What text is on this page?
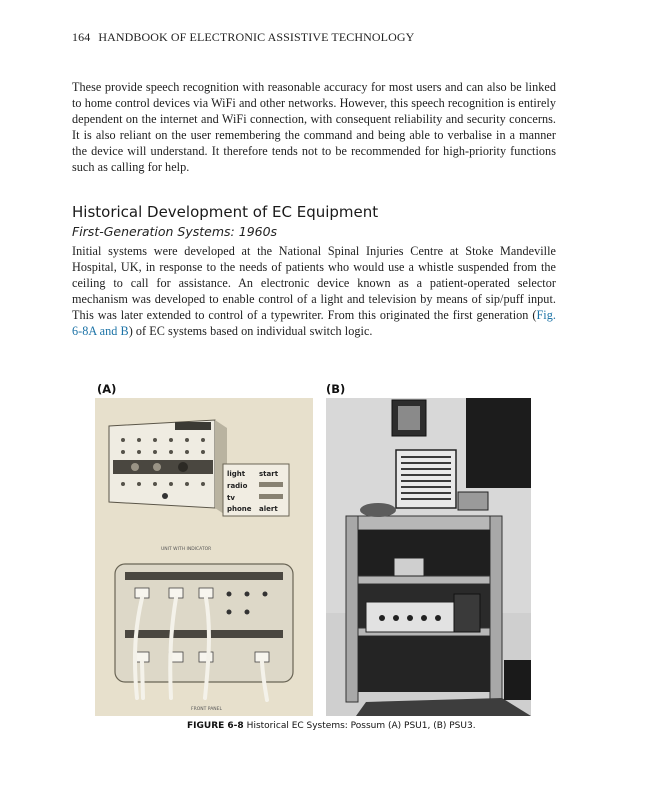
164 HANDBOOK OF ELECTRONIC ASSISTIVE TECHNOLOGY

These provide speech recognition with reasonable accuracy for most users and can also be linked to home control devices via WiFi and other networks. However, this speech recognition is entirely dependent on the internet and WiFi connection, with consequent reliability and security concerns. It is also reliant on the user remembering the command and being able to verbalise in a manner the device will understand. It therefore tends not to be recommended for high-priority functions such as calling for help.

Historical Development of EC Equipment
First-Generation Systems: 1960s

Initial systems were developed at the National Spinal Injuries Centre at Stoke Mandeville Hospital, UK, in response to the needs of patients who would use a whistle suspended from the ceiling to call for assistance. An electronic device known as a patient-operated selector mechanism was developed to enable control of a light and television by means of sip/puff input. This was later extended to control of a typewriter. From this originated the first generation (Fig. 6-8A and B) of EC systems based on individual switch logic.

(A)	(B)
light start
radio
tv
phone alert
UNIT WITH INDICATOR
FRONT PANEL
FIGURE 6-8 Historical EC Systems: Possum (A) PSU1, (B) PSU3.
